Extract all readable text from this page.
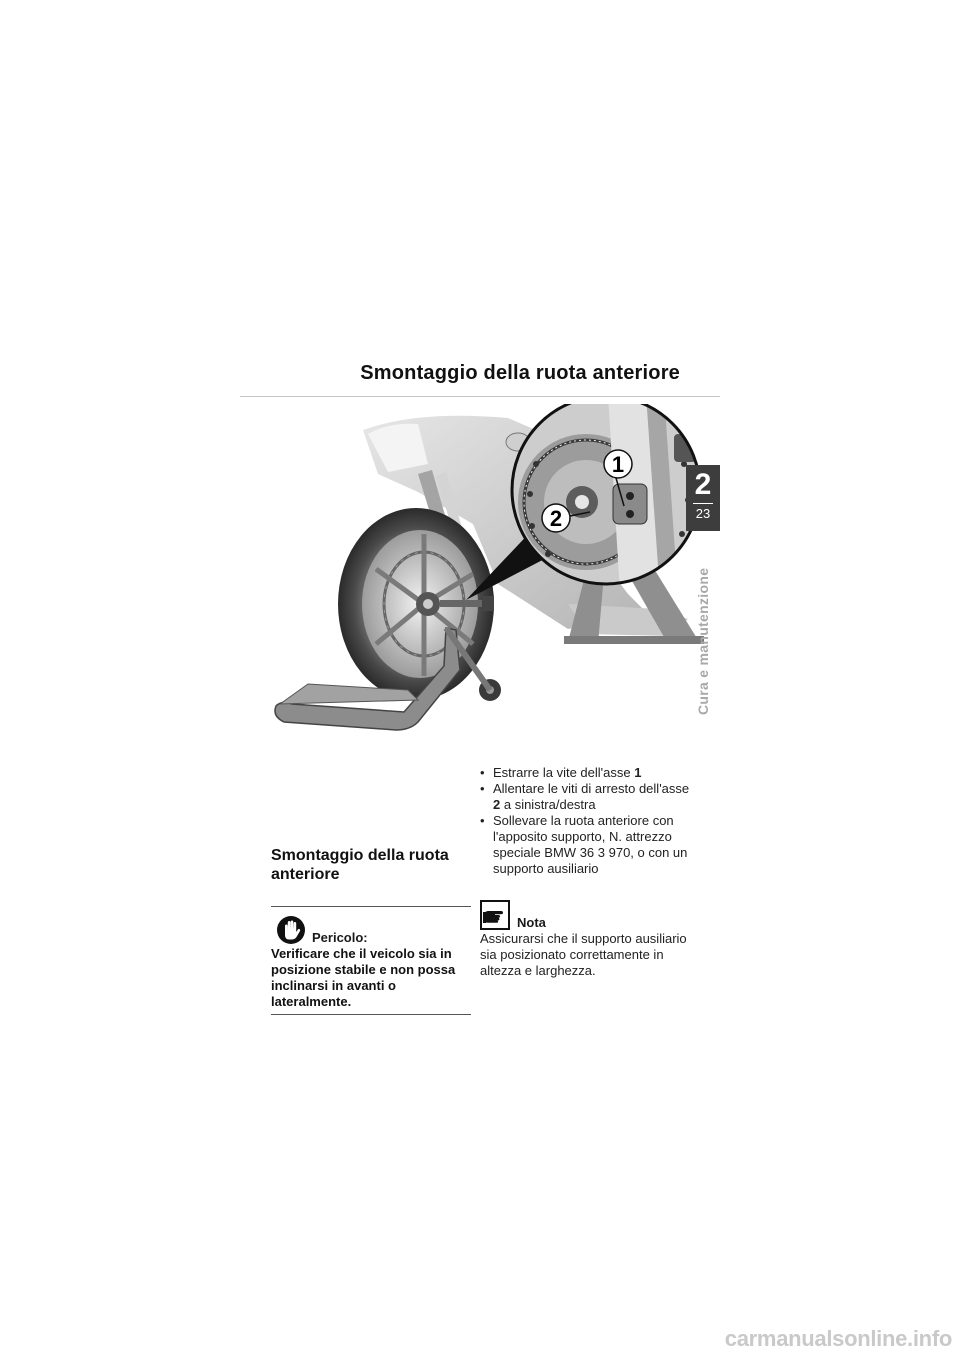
Smontaggio della ruota anteriore
1
2
2
23
Cura e manutenzione
Smontaggio della ruota anteriore
Pericolo:
Verificare che il veicolo sia in posizione stabile e non possa inclinarsi in avanti o lateralmente.
• Estrarre la vite dell'asse 1
• Allentare le viti di arresto dell'asse 2 a sinistra/destra
• Sollevare la ruota anteriore con l'apposito supporto, N. attrezzo speciale BMW 36 3 970, o con un supporto ausiliario
Nota
Assicurarsi che il supporto ausiliario sia posizionato correttamente in altezza e larghezza.
carmanualsonline.info
